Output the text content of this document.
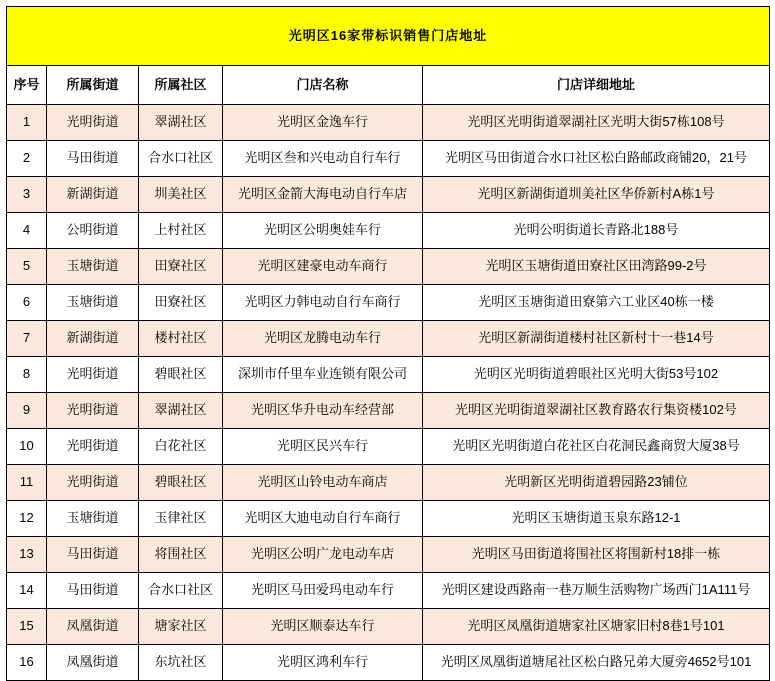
光明区16家带标识销售门店地址				
序号	所属街道	所属社区	门店名称	门店详细地址
1	光明街道	翠湖社区	光明区金逸车行	光明区光明街道翠湖社区光明大街57栋108号
2	马田街道	合水口社区	光明区叁和兴电动自行车行	光明区马田街道合水口社区松白路邮政商铺20，21号
3	新湖街道	圳美社区	光明区金箭大海电动自行车店	光明区新湖街道圳美社区华侨新村A栋1号
4	公明街道	上村社区	光明区公明奥娃车行	光明公明街道长青路北188号
5	玉塘街道	田寮社区	光明区建豪电动车商行	光明区玉塘街道田寮社区田湾路99-2号
6	玉塘街道	田寮社区	光明区力韩电动自行车商行	光明区玉塘街道田寮第六工业区40栋一楼
7	新湖街道	楼村社区	光明区龙腾电动车行	光明区新湖街道楼村社区新村十一巷14号
8	光明街道	碧眼社区	深圳市仟里车业连锁有限公司	光明区光明街道碧眼社区光明大街53号102
9	光明街道	翠湖社区	光明区华升电动车经营部	光明区光明街道翠湖社区教育路农行集资楼102号
10	光明街道	白花社区	光明区民兴车行	光明区光明街道白花社区白花洞民鑫商贸大厦38号
11	光明街道	碧眼社区	光明区山铃电动车商店	光明新区光明街道碧园路23铺位
12	玉塘街道	玉律社区	光明区大迪电动自行车商行	光明区玉塘街道玉泉东路12-1
13	马田街道	将围社区	光明区公明广龙电动车店	光明区马田街道将围社区将围新村18排一栋
14	马田街道	合水口社区	光明区马田爱玛电动车行	光明区建设西路南一巷万顺生活购物广场西门1A111号
15	凤凰街道	塘家社区	光明区顺泰达车行	光明区凤凰街道塘家社区塘家旧村8巷1号101
16	凤凰街道	东坑社区	光明区鸿利车行	光明区凤凰街道塘尾社区松白路兄弟大厦旁4652号101
